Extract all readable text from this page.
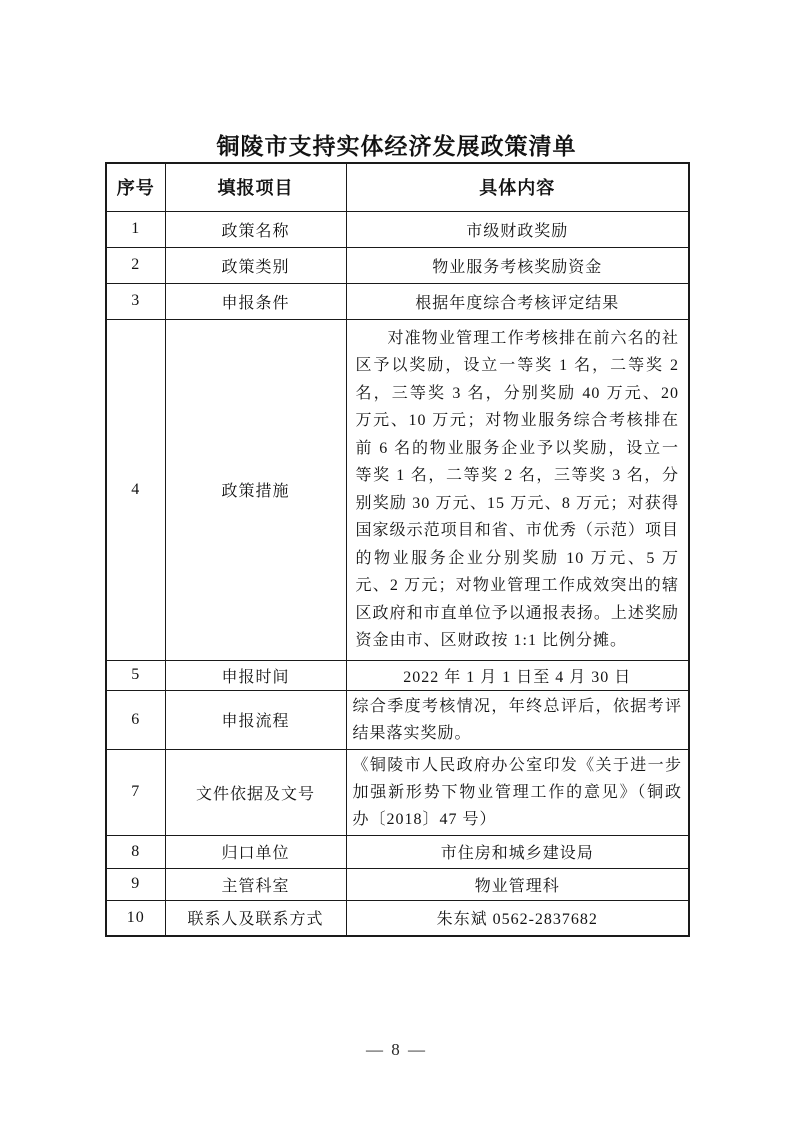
铜陵市支持实体经济发展政策清单
序号	填报项目	具体内容
1	政策名称	市级财政奖励
2	政策类别	物业服务考核奖励资金
3	申报条件	根据年度综合考核评定结果
4	政策措施	对准物业管理工作考核排在前六名的社区予以奖励，设立一等奖 1 名，二等奖 2 名，三等奖 3 名，分别奖励 40 万元、20 万元、10 万元；对物业服务综合考核排在前 6 名的物业服务企业予以奖励，设立一等奖 1 名，二等奖 2 名，三等奖 3 名，分别奖励 30 万元、15 万元、8 万元；对获得国家级示范项目和省、市优秀（示范）项目的物业服务企业分别奖励 10 万元、5 万元、2 万元；对物业管理工作成效突出的辖区政府和市直单位予以通报表扬。上述奖励资金由市、区财政按 1:1 比例分摊。

5	申报时间	2022 年 1 月 1 日至 4 月 30 日
6	申报流程	综合季度考核情况，年终总评后，依据考评结果落实奖励。
7	文件依据及文号	《铜陵市人民政府办公室印发《关于进一步加强新形势下物业管理工作的意见》（铜政办〔2018〕47 号）
8	归口单位	市住房和城乡建设局
9	主管科室	物业管理科
10	联系人及联系方式	朱东斌 0562-2837682
— 8 —
